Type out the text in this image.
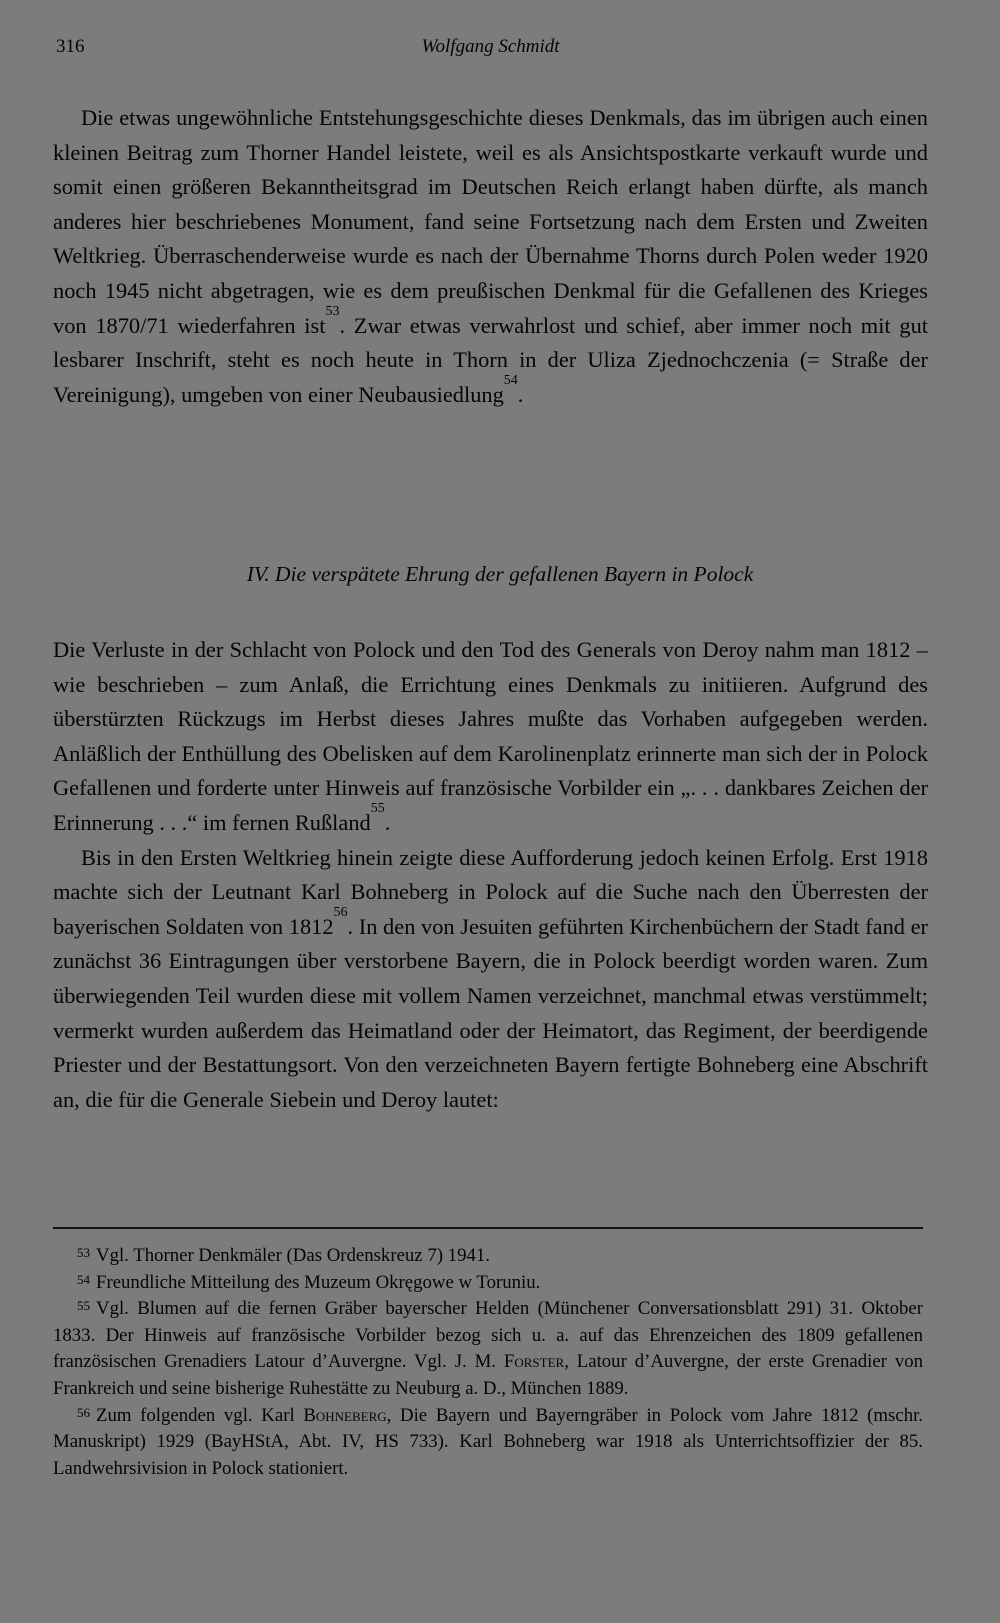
316	Wolfgang Schmidt

Die etwas ungewöhnliche Entstehungsgeschichte dieses Denkmals, das im übrigen auch einen kleinen Beitrag zum Thorner Handel leistete, weil es als Ansichtspostkarte verkauft wurde und somit einen größeren Bekanntheitsgrad im Deutschen Reich erlangt haben dürfte, als manch anderes hier beschriebenes Monument, fand seine Fortsetzung nach dem Ersten und Zweiten Weltkrieg. Überraschenderweise wurde es nach der Übernahme Thorns durch Polen weder 1920 noch 1945 nicht abgetragen, wie es dem preußischen Denkmal für die Gefallenen des Krieges von 1870/71 wiederfahren ist$^{53}$. Zwar etwas verwahrlost und schief, aber immer noch mit gut lesbarer Inschrift, steht es noch heute in Thorn in der Uliza Zjednochczenia (= Straße der Vereinigung), umgeben von einer Neubausiedlung$^{54}$.

IV. Die verspätete Ehrung der gefallenen Bayern in Polock

Die Verluste in der Schlacht von Polock und den Tod des Generals von Deroy nahm man 1812 – wie beschrieben – zum Anlaß, die Errichtung eines Denkmals zu initiieren. Aufgrund des überstürzten Rückzugs im Herbst dieses Jahres mußte das Vorhaben aufgegeben werden. Anläßlich der Enthüllung des Obelisken auf dem Karolinenplatz erinnerte man sich der in Polock Gefallenen und forderte unter Hinweis auf französische Vorbilder ein „. . . dankbares Zeichen der Erinnerung . . .“ im fernen Rußland$^{55}$.

Bis in den Ersten Weltkrieg hinein zeigte diese Aufforderung jedoch keinen Erfolg. Erst 1918 machte sich der Leutnant Karl Bohneberg in Polock auf die Suche nach den Überresten der bayerischen Soldaten von 1812$^{56}$. In den von Jesuiten geführten Kirchenbüchern der Stadt fand er zunächst 36 Eintragungen über verstorbene Bayern, die in Polock beerdigt worden waren. Zum überwiegenden Teil wurden diese mit vollem Namen verzeichnet, manchmal etwas verstümmelt; vermerkt wurden außerdem das Heimatland oder der Heimatort, das Regiment, der beerdigende Priester und der Bestattungsort. Von den verzeichneten Bayern fertigte Bohneberg eine Abschrift an, die für die Generale Siebein und Deroy lautet:

$^{53}$ Vgl. Thorner Denkmäler (Das Ordenskreuz 7) 1941.

$^{54}$ Freundliche Mitteilung des Muzeum Okręgowe w Toruniu.

$^{55}$ Vgl. Blumen auf die fernen Gräber bayerscher Helden (Münchener Conversationsblatt 291) 31. Oktober 1833. Der Hinweis auf französische Vorbilder bezog sich u. a. auf das Ehrenzeichen des 1809 gefallenen französischen Grenadiers Latour d’Auvergne. Vgl. J. M. Forster, Latour d’Auvergne, der erste Grenadier von Frankreich und seine bisherige Ruhestätte zu Neuburg a. D., München 1889.

$^{56}$ Zum folgenden vgl. Karl Bohneberg, Die Bayern und Bayerngräber in Polock vom Jahre 1812 (mschr. Manuskript) 1929 (BayHStA, Abt. IV, HS 733). Karl Bohneberg war 1918 als Unterrichtsoffizier der 85. Landwehrsivision in Polock stationiert.
